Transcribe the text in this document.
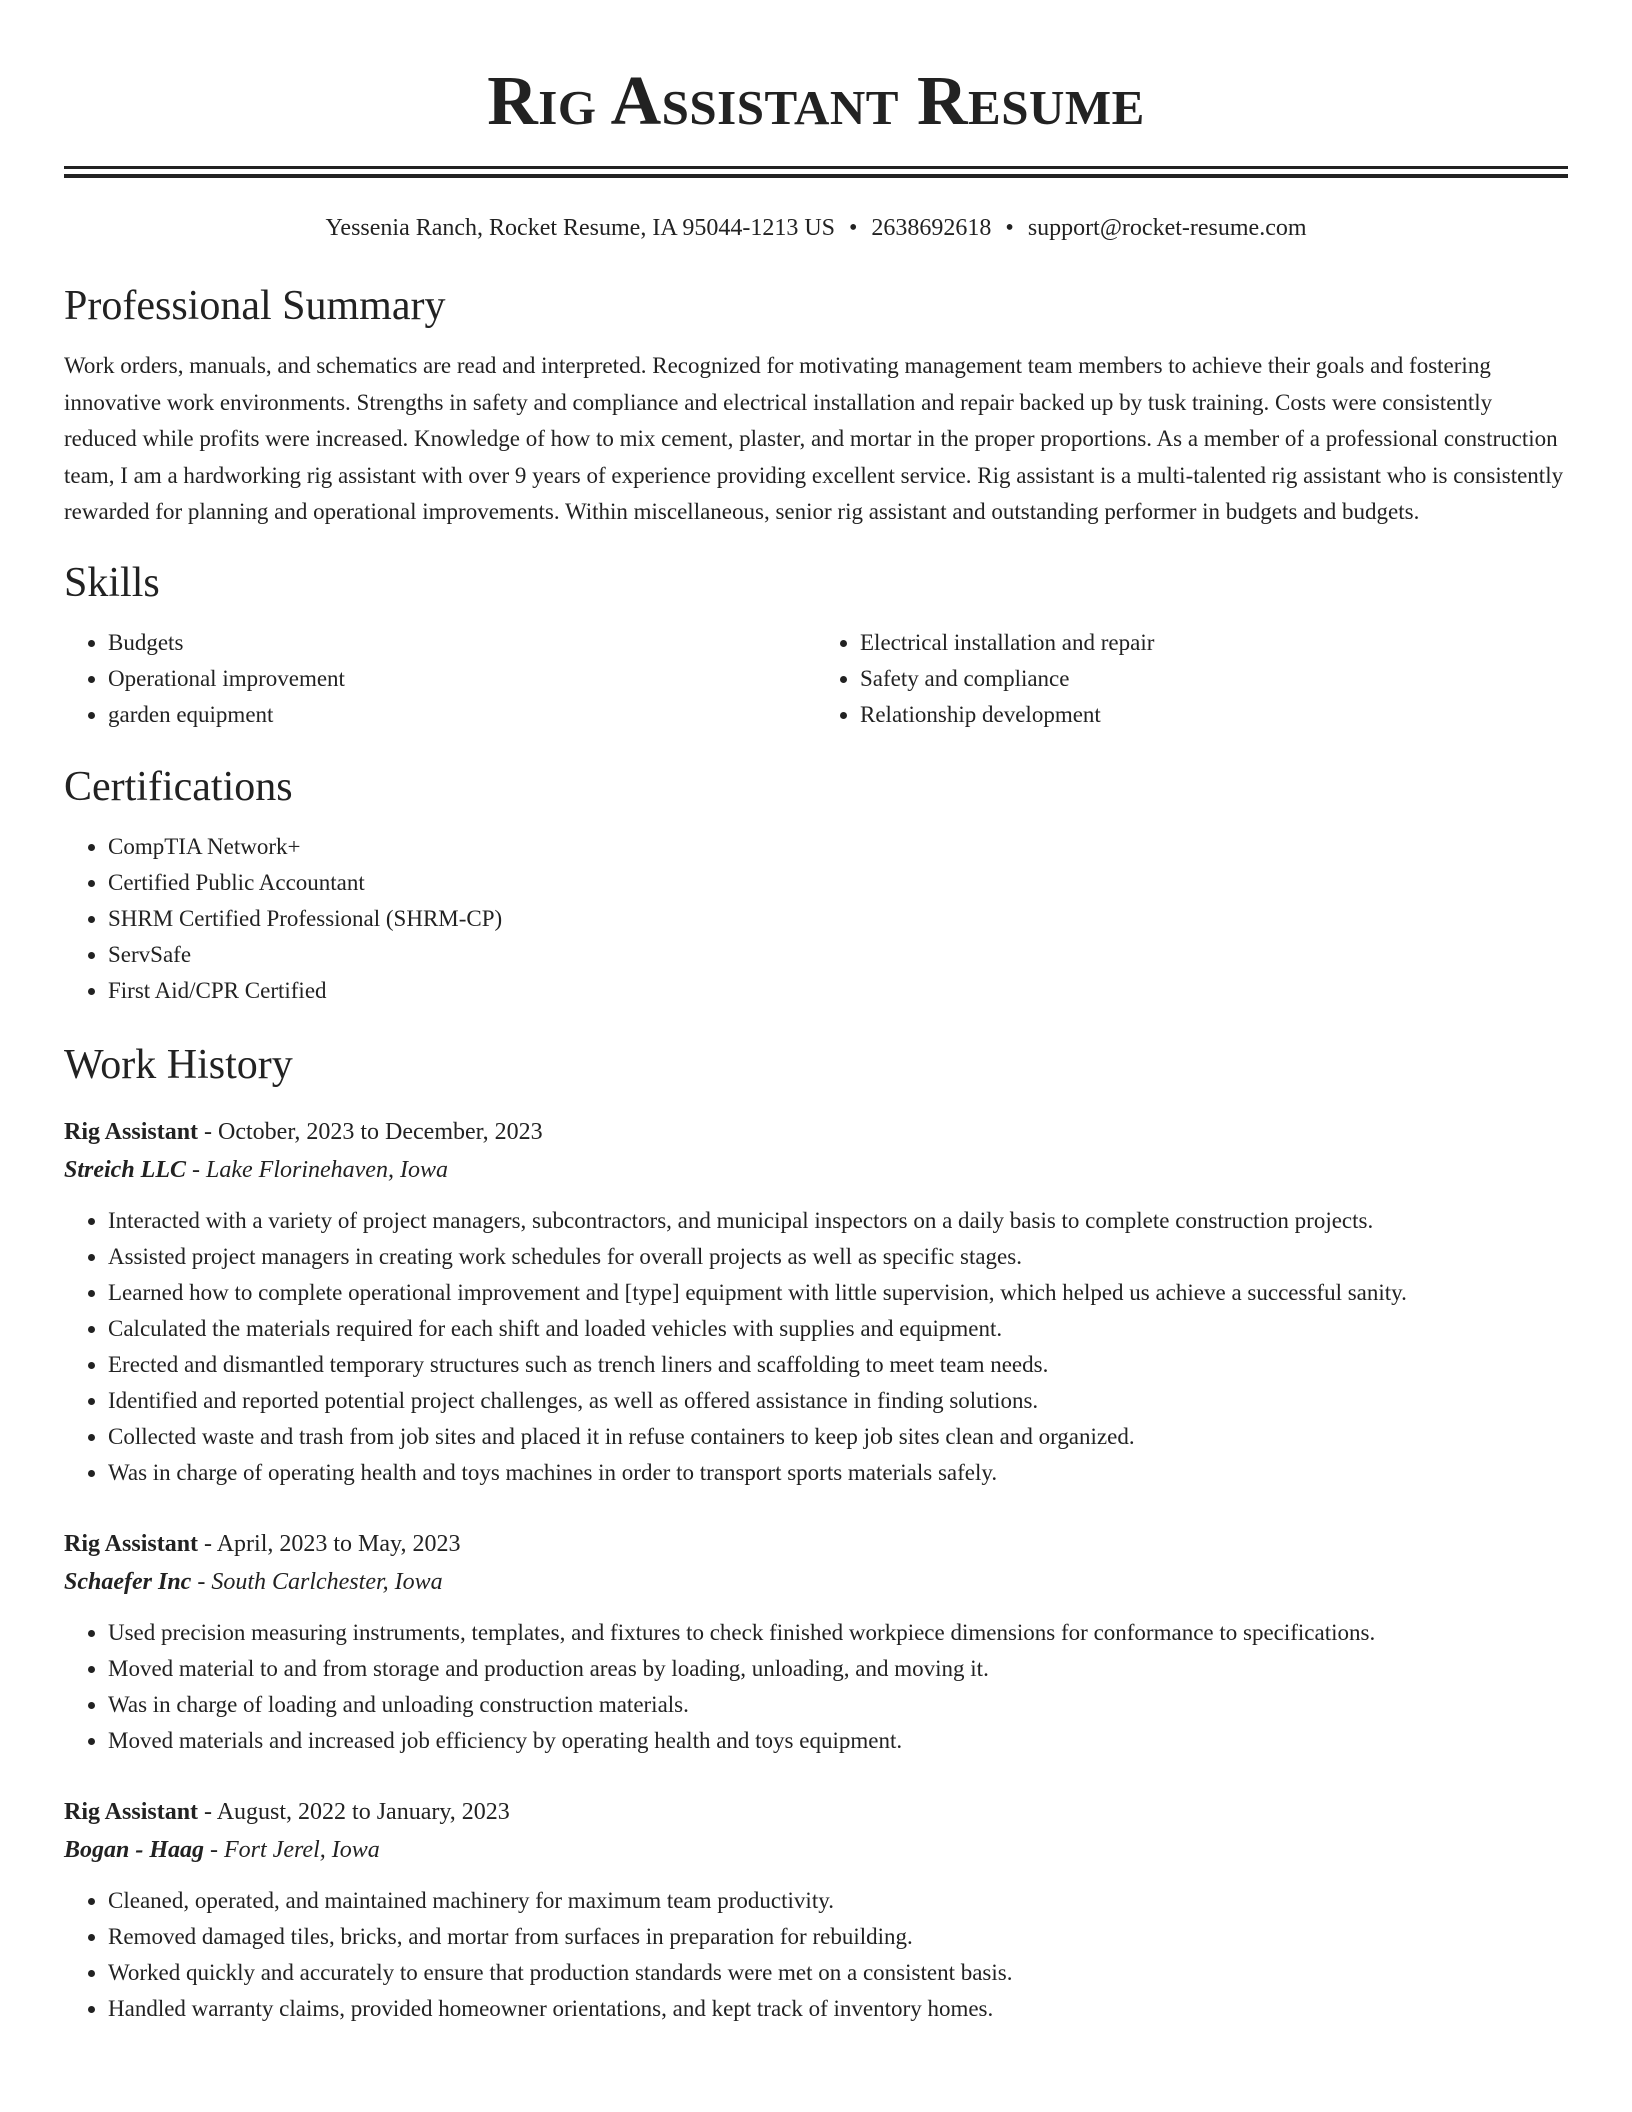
Rig Assistant Resume
Yessenia Ranch, Rocket Resume, IA 95044-1213 US • 2638692618 • support@rocket-resume.com
Professional Summary
Work orders, manuals, and schematics are read and interpreted. Recognized for motivating management team members to achieve their goals and fostering innovative work environments. Strengths in safety and compliance and electrical installation and repair backed up by tusk training. Costs were consistently reduced while profits were increased. Knowledge of how to mix cement, plaster, and mortar in the proper proportions. As a member of a professional construction team, I am a hardworking rig assistant with over 9 years of experience providing excellent service. Rig assistant is a multi-talented rig assistant who is consistently rewarded for planning and operational improvements. Within miscellaneous, senior rig assistant and outstanding performer in budgets and budgets.
Skills
• Budgets
• Operational improvement
• garden equipment
• Electrical installation and repair
• Safety and compliance
• Relationship development
Certifications
• CompTIA Network+
• Certified Public Accountant
• SHRM Certified Professional (SHRM-CP)
• ServSafe
• First Aid/CPR Certified
Work History
Rig Assistant - October, 2023 to December, 2023
Streich LLC - Lake Florinehaven, Iowa
• Interacted with a variety of project managers, subcontractors, and municipal inspectors on a daily basis to complete construction projects.
• Assisted project managers in creating work schedules for overall projects as well as specific stages.
• Learned how to complete operational improvement and [type] equipment with little supervision, which helped us achieve a successful sanity.
• Calculated the materials required for each shift and loaded vehicles with supplies and equipment.
• Erected and dismantled temporary structures such as trench liners and scaffolding to meet team needs.
• Identified and reported potential project challenges, as well as offered assistance in finding solutions.
• Collected waste and trash from job sites and placed it in refuse containers to keep job sites clean and organized.
• Was in charge of operating health and toys machines in order to transport sports materials safely.
Rig Assistant - April, 2023 to May, 2023
Schaefer Inc - South Carlchester, Iowa
• Used precision measuring instruments, templates, and fixtures to check finished workpiece dimensions for conformance to specifications.
• Moved material to and from storage and production areas by loading, unloading, and moving it.
• Was in charge of loading and unloading construction materials.
• Moved materials and increased job efficiency by operating health and toys equipment.
Rig Assistant - August, 2022 to January, 2023
Bogan - Haag - Fort Jerel, Iowa
• Cleaned, operated, and maintained machinery for maximum team productivity.
• Removed damaged tiles, bricks, and mortar from surfaces in preparation for rebuilding.
• Worked quickly and accurately to ensure that production standards were met on a consistent basis.
• Handled warranty claims, provided homeowner orientations, and kept track of inventory homes.
